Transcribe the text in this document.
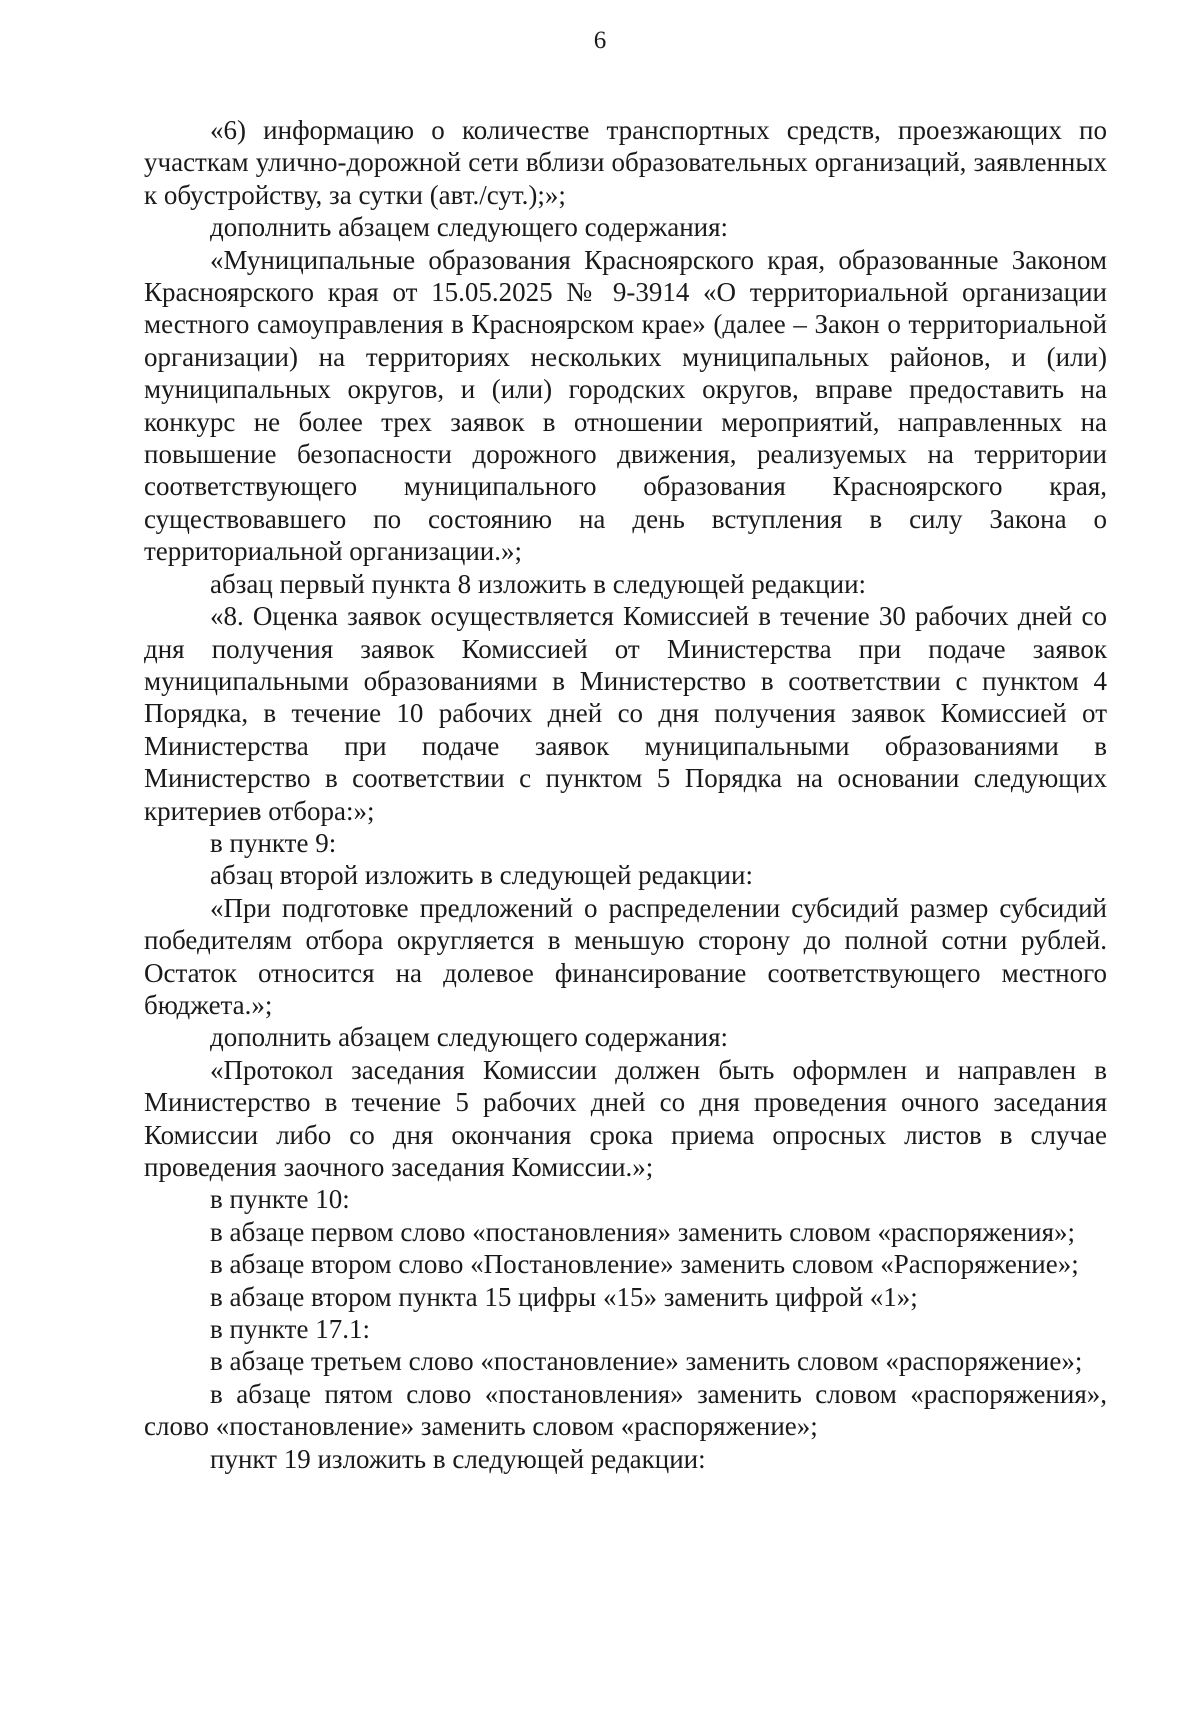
6

«6) информацию о количестве транспортных средств, проезжающих по участкам улично-дорожной сети вблизи образовательных организаций, заявленных к обустройству, за сутки (авт./сут.);»;

дополнить абзацем следующего содержания:

«Муниципальные образования Красноярского края, образованные Законом Красноярского края от 15.05.2025 № 9-3914 «О территориальной организации местного самоуправления в Красноярском крае» (далее – Закон о территориальной организации) на территориях нескольких муниципальных районов, и (или) муниципальных округов, и (или) городских округов, вправе предоставить на конкурс не более трех заявок в отношении мероприятий, направленных на повышение безопасности дорожного движения, реализуемых на территории соответствующего муниципального образования Красноярского края, существовавшего по состоянию на день вступления в силу Закона о территориальной организации.»;

абзац первый пункта 8 изложить в следующей редакции:

«8. Оценка заявок осуществляется Комиссией в течение 30 рабочих дней со дня получения заявок Комиссией от Министерства при подаче заявок муниципальными образованиями в Министерство в соответствии с пунктом 4 Порядка, в течение 10 рабочих дней со дня получения заявок Комиссией от Министерства при подаче заявок муниципальными образованиями в Министерство в соответствии с пунктом 5 Порядка на основании следующих критериев отбора:»;

в пункте 9:

абзац второй изложить в следующей редакции:

«При подготовке предложений о распределении субсидий размер субсидий победителям отбора округляется в меньшую сторону до полной сотни рублей. Остаток относится на долевое финансирование соответствующего местного бюджета.»;

дополнить абзацем следующего содержания:

«Протокол заседания Комиссии должен быть оформлен и направлен в Министерство в течение 5 рабочих дней со дня проведения очного заседания Комиссии либо со дня окончания срока приема опросных листов в случае проведения заочного заседания Комиссии.»;

в пункте 10:

в абзаце первом слово «постановления» заменить словом «распоряжения»;

в абзаце втором слово «Постановление» заменить словом «Распоряжение»;

в абзаце втором пункта 15 цифры «15» заменить цифрой «1»;

в пункте 17.1:

в абзаце третьем слово «постановление» заменить словом «распоряжение»;

в абзаце пятом слово «постановления» заменить словом «распоряжения», слово «постановление» заменить словом «распоряжение»;

пункт 19 изложить в следующей редакции:
